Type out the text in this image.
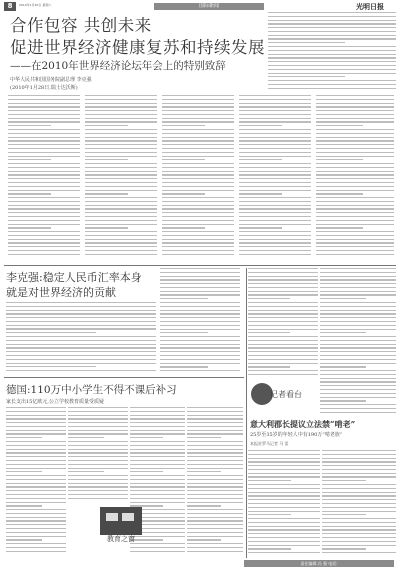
8	2010年1月30日 星期六	国际新闻	光明日报
合作包容 共创未来
促进世界经济健康复苏和持续发展
——在2010年世界经济论坛年会上的特别致辞
中华人民共和国国务院副总理 李克强
(2010年1月28日,瑞士达沃斯)
李克强:稳定人民币汇率本身
就是对世界经济的贡献
德国:110万中小学生不得不课后补习
家长支出15亿欧元,公立学校教育质量受质疑
教育之窗
记者看台
意大利郡长提议立法禁“啃老”
25岁至35岁的年轻人中有190万“啃老族”
本报驻罗马记者 马 雷
责任编辑:冯 强 电话:
